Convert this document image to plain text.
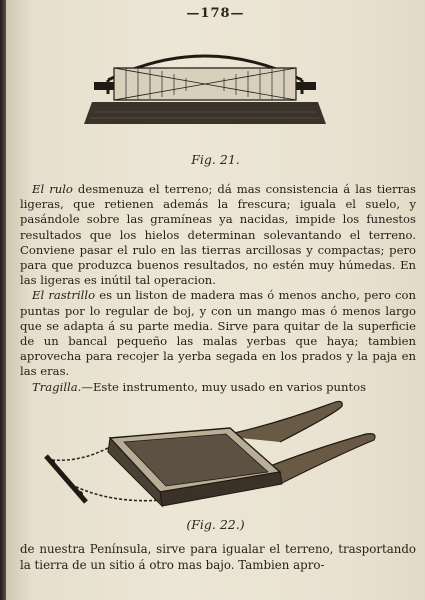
—178—
Fig. 21.

El rulo desmenuza el terreno; dá mas consistencia á las tierras ligeras, que retienen además la frescura; iguala el suelo, y pasándole sobre las gramíneas ya nacidas, impide los funestos resultados que los hielos determinan solevantando el terreno. Conviene pasar el rulo en las tierras arcillosas y compactas; pero para que produzca buenos resultados, no estén muy húmedas. En las ligeras es inútil tal operacion.

El rastrillo es un liston de madera mas ó menos ancho, pero con puntas por lo regular de boj, y con un mango mas ó menos largo que se adapta á su parte media. Sirve para quitar de la superficie de un bancal pequeño las malas yerbas que haya; tambien aprovecha para recojer la yerba segada en los prados y la paja en las eras.

Tragilla.—Este instrumento, muy usado en varios puntos

(Fig. 22.)

de nuestra Península, sirve para igualar el terreno, trasportando la tierra de un sitio á otro mas bajo. Tambien apro-
